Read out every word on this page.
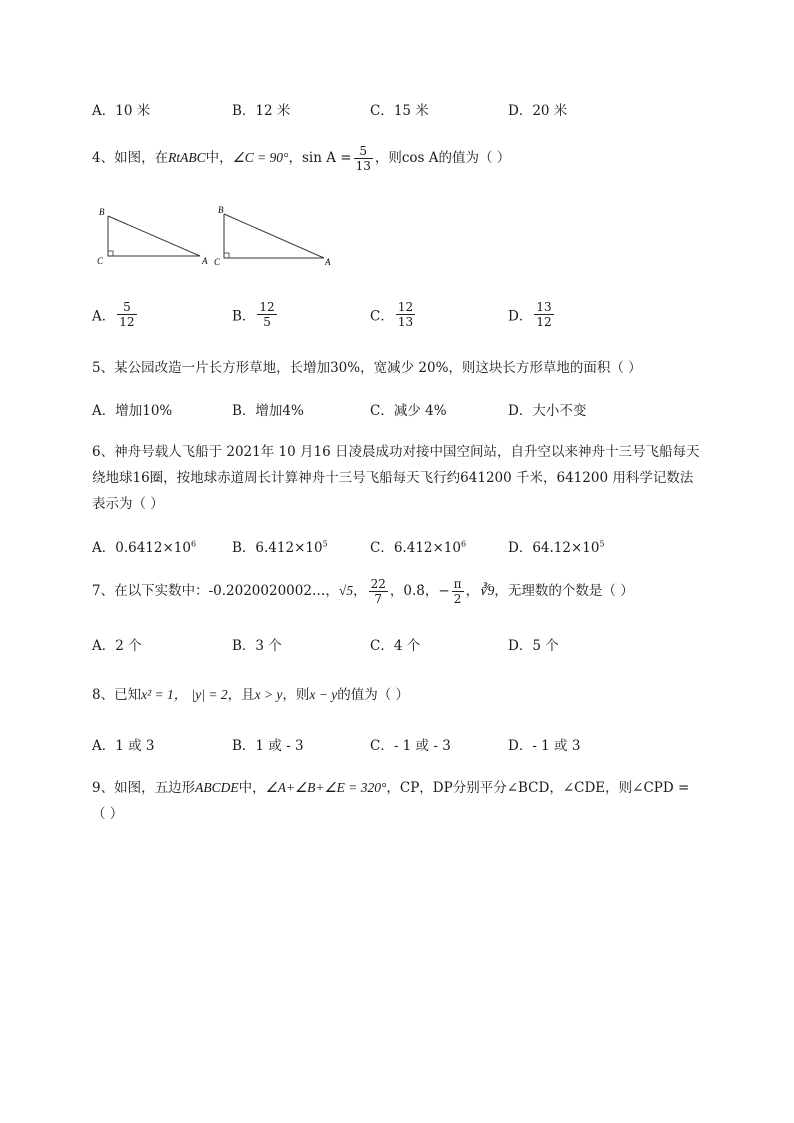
A．10 米	B．12 米	C．15 米	D．20 米
4、如图，在RtABC中，∠C = 90°，$\sin A = \frac{5}{13}$ ，则cos A的值为（ ）
B
C	A
B
C	A
A． $\frac{5}{12}$	B． $\frac{12}{5}$	C． $\frac{12}{13}$	D． $\frac{13}{12}$
5、某公园改造一片长方形草地，长增加30%，宽减少 20%，则这块长方形草地的面积（ ）
A．增加10%	B．增加4%	C．减少 4%	D．大小不变
6、神舟号载人飞船于 2021年 10 月16 日凌晨成功对接中国空间站，自升空以来神舟十三号飞船每天
绕地球16圈，按地球赤道周长计算神舟十三号飞船每天飞行约641200 千米，641200 用科学记数法
表示为（ ）
A．$0.6412\times 10^6$	B．$6.412\times 10^5$	C．$6.412\times 10^6$	D．$64.12\times 10^5$
7、在以下实数中：-0.2020020002…，√5， $\frac{22}{7}$ ，0.8̇，− $\frac{\pi}{2}$ ，∛9，无理数的个数是（ ）
A．2 个	B．3 个	C．4 个	D．5 个
8、已知x² = 1， |y| = 2，且x > y，则x − y的值为（ ）
A．1 或 3	B．1 或 - 3	C．- 1 或 - 3	D．- 1 或 3
9、如图，五边形ABCDE中，∠A+∠B+∠E = 320°，CP，DP分别平分∠BCD，∠CDE，则∠CPD =
（ ）
